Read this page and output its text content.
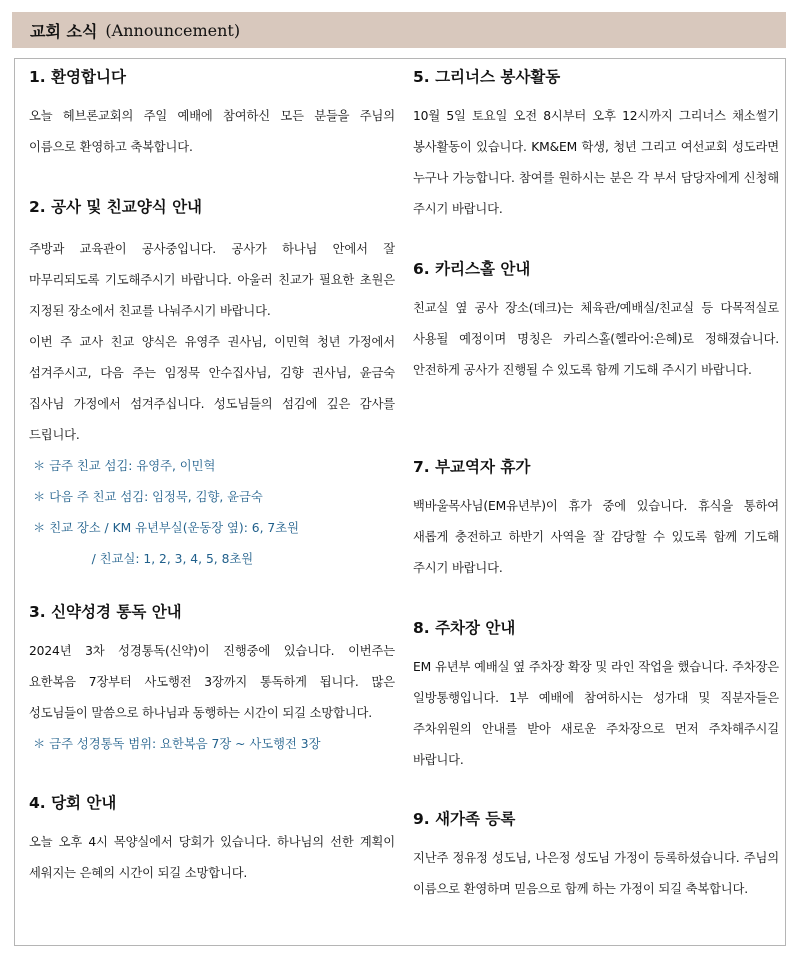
교회 소식 (Announcement)
1. 환영합니다

오늘 헤브론교회의 주일 예배에 참여하신 모든 분들을 주님의 이름으로 환영하고 축복합니다.

2. 공사 및 친교양식 안내

주방과 교육관이 공사중입니다. 공사가 하나님 안에서 잘 마무리되도록 기도해주시기 바랍니다. 아울러 친교가 필요한 초원은 지정된 장소에서 친교를 나눠주시기 바랍니다.

이번 주 교사 친교 양식은 유영주 권사님, 이민혁 청년 가정에서 섬겨주시고, 다음 주는 임정묵 안수집사님, 김향 권사님, 윤금숙 집사님 가정에서 섬겨주십니다. 성도님들의 섬김에 깊은 감사를 드립니다.

＊ 금주 친교 섬김: 유영주, 이민혁

＊ 다음 주 친교 섬김: 임정묵, 김향, 윤금숙

＊ 친교 장소 / KM 유년부실(운동장 옆): 6, 7초원

/ 친교실: 1, 2, 3, 4, 5, 8초원

3. 신약성경 통독 안내

2024년 3차 성경통독(신약)이 진행중에 있습니다. 이번주는 요한복음 7장부터 사도행전 3장까지 통독하게 됩니다. 많은 성도님들이 말씀으로 하나님과 동행하는 시간이 되길 소망합니다.

＊ 금주 성경통독 범위: 요한복음 7장 ~ 사도행전 3장

4. 당회 안내

오늘 오후 4시 목양실에서 당회가 있습니다. 하나님의 선한 계획이 세워지는 은혜의 시간이 되길 소망합니다.

5. 그리너스 봉사활동

10월 5일 토요일 오전 8시부터 오후 12시까지 그리너스 채소썰기 봉사활동이 있습니다. KM&EM 학생, 청년 그리고 여선교회 성도라면 누구나 가능합니다. 참여를 원하시는 분은 각 부서 담당자에게 신청해 주시기 바랍니다.

6. 카리스홀 안내

친교실 옆 공사 장소(데크)는 체육관/예배실/친교실 등 다목적실로 사용될 예정이며 명칭은 카리스홀(헬라어:은혜)로 정해졌습니다. 안전하게 공사가 진행될 수 있도록 함께 기도해 주시기 바랍니다.

7. 부교역자 휴가

백바울목사님(EM유년부)이 휴가 중에 있습니다. 휴식을 통하여 새롭게 충전하고 하반기 사역을 잘 감당할 수 있도록 함께 기도해 주시기 바랍니다.

8. 주차장 안내

EM 유년부 예배실 옆 주차장 확장 및 라인 작업을 했습니다. 주차장은 일방통행입니다. 1부 예배에 참여하시는 성가대 및 직분자들은 주차위원의 안내를 받아 새로운 주차장으로 먼저 주차해주시길 바랍니다.

9. 새가족 등록

지난주 정유정 성도님, 나은정 성도님 가정이 등록하셨습니다. 주님의 이름으로 환영하며 믿음으로 함께 하는 가정이 되길 축복합니다.
